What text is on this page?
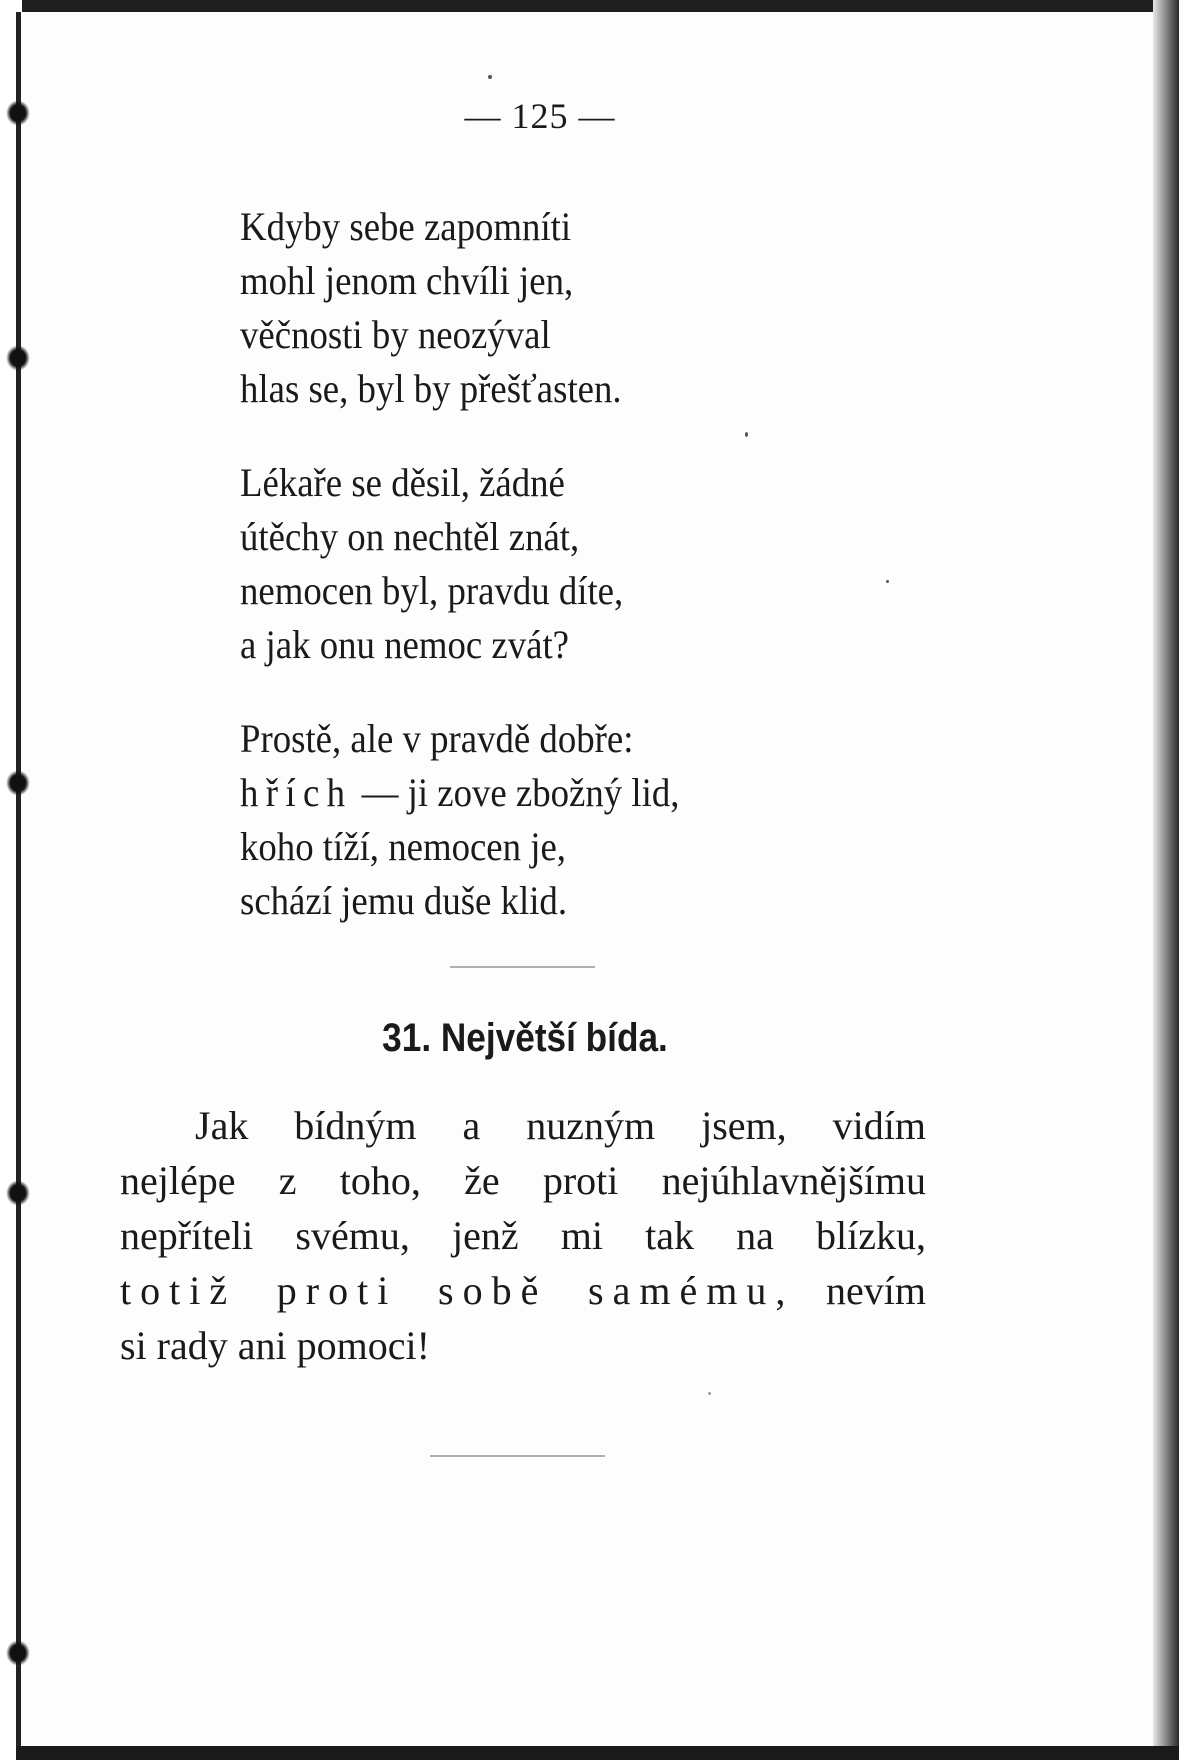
— 125 —
Kdyby sebe zapomníti
mohl jenom chvíli jen,
věčnosti by neozýval
hlas se, byl by přešťasten.
Lékaře se děsil, žádné
útěchy on nechtěl znát,
nemocen byl, pravdu díte,
a jak onu nemoc zvát?
Prostě, ale v pravdě dobře:
hřích — ji zove zbožný lid,
koho tíží, nemocen je,
schází jemu duše klid.
31. Největší bída.
Jak bídným a nuzným jsem, vidím
nejlépe z toho, že proti nejúhlavnějšímu
nepříteli svému, jenž mi tak na blízku,
totiž proti sobě samému, nevím
si rady ani pomoci!
